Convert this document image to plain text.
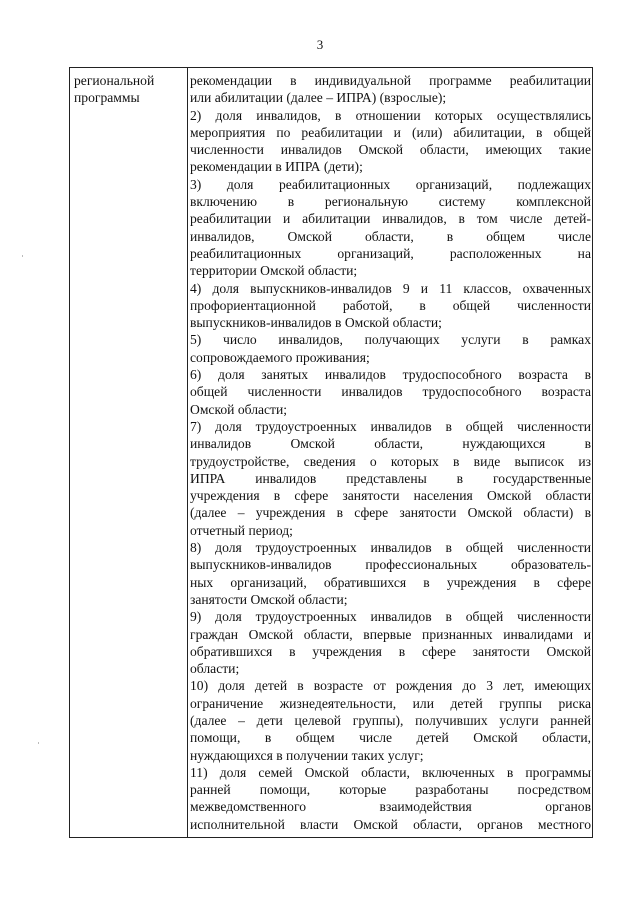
3
региональной
программы
рекомендации в индивидуальной программе реабилитации
или абилитации (далее – ИПРА) (взрослые);
2) доля инвалидов, в отношении которых осуществлялись
мероприятия по реабилитации и (или) абилитации, в общей
численности инвалидов Омской области, имеющих такие
рекомендации в ИПРА (дети);
3) доля реабилитационных организаций, подлежащих
включению в региональную систему комплексной
реабилитации и абилитации инвалидов, в том числе детей-
инвалидов, Омской области, в общем числе
реабилитационных организаций, расположенных на
территории Омской области;
4) доля выпускников-инвалидов 9 и 11 классов, охваченных
профориентационной работой, в общей численности
выпускников-инвалидов в Омской области;
5) число инвалидов, получающих услуги в рамках
сопровождаемого проживания;
6) доля занятых инвалидов трудоспособного возраста в
общей численности инвалидов трудоспособного возраста
Омской области;
7) доля трудоустроенных инвалидов в общей численности
инвалидов Омской области, нуждающихся в
трудоустройстве, сведения о которых в виде выписок из
ИПРА инвалидов представлены в государственные
учреждения в сфере занятости населения Омской области
(далее – учреждения в сфере занятости Омской области) в
отчетный период;
8) доля трудоустроенных инвалидов в общей численности
выпускников-инвалидов профессиональных образователь-
ных организаций, обратившихся в учреждения в сфере
занятости Омской области;
9) доля трудоустроенных инвалидов в общей численности
граждан Омской области, впервые признанных инвалидами и
обратившихся в учреждения в сфере занятости Омской
области;
10) доля детей в возрасте от рождения до 3 лет, имеющих
ограничение жизнедеятельности, или детей группы риска
(далее – дети целевой группы), получивших услуги ранней
помощи, в общем числе детей Омской области,
нуждающихся в получении таких услуг;
11) доля семей Омской области, включенных в программы
ранней помощи, которые разработаны посредством
межведомственного взаимодействия органов
исполнительной власти Омской области, органов местного
